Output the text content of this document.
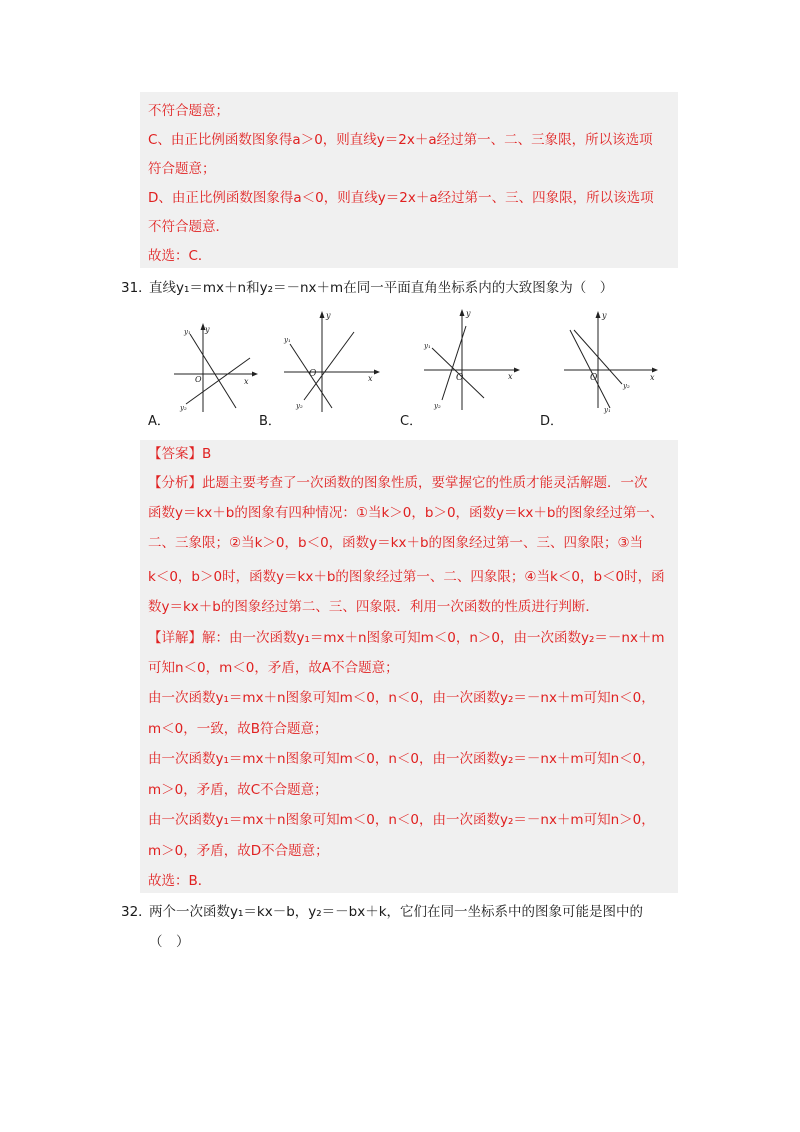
不符合题意；
C、由正比例函数图象得a＞0，则直线y＝2x＋a经过第一、二、三象限，所以该选项
符合题意；
D、由正比例函数图象得a＜0，则直线y＝2x＋a经过第一、三、四象限，所以该选项
不符合题意．
故选：C．
31．
直线y₁＝mx＋n和y₂＝－nx＋m在同一平面直角坐标系内的大致图象为（　）
y
x
O
y₁
y₂
A．
y
x
O
y₁
y₂
B．
y
x
O
y₁
y₂
C．
y
x
O
y₂
y₁
D．
【答案】B
【分析】此题主要考查了一次函数的图象性质，要掌握它的性质才能灵活解题．一次
函数y＝kx＋b的图象有四种情况：①当k＞0，b＞0，函数y＝kx＋b的图象经过第一、
二、三象限；②当k＞0，b＜0，函数y＝kx＋b的图象经过第一、三、四象限；③当
k＜0，b＞0时，函数y＝kx＋b的图象经过第一、二、四象限；④当k＜0，b＜0时，函
数y＝kx＋b的图象经过第二、三、四象限．利用一次函数的性质进行判断．
【详解】解：由一次函数y₁＝mx＋n图象可知m＜0，n＞0，由一次函数y₂＝－nx＋m
可知n＜0，m＜0，矛盾，故A不合题意；
由一次函数y₁＝mx＋n图象可知m＜0，n＜0，由一次函数y₂＝－nx＋m可知n＜0，
m＜0，一致，故B符合题意；
由一次函数y₁＝mx＋n图象可知m＜0，n＜0，由一次函数y₂＝－nx＋m可知n＜0，
m＞0，矛盾，故C不合题意；
由一次函数y₁＝mx＋n图象可知m＜0，n＜0，由一次函数y₂＝－nx＋m可知n＞0，
m＞0，矛盾，故D不合题意；
故选：B．
32．
两个一次函数y₁＝kx－b，y₂＝－bx＋k，它们在同一坐标系中的图象可能是图中的
（　）
